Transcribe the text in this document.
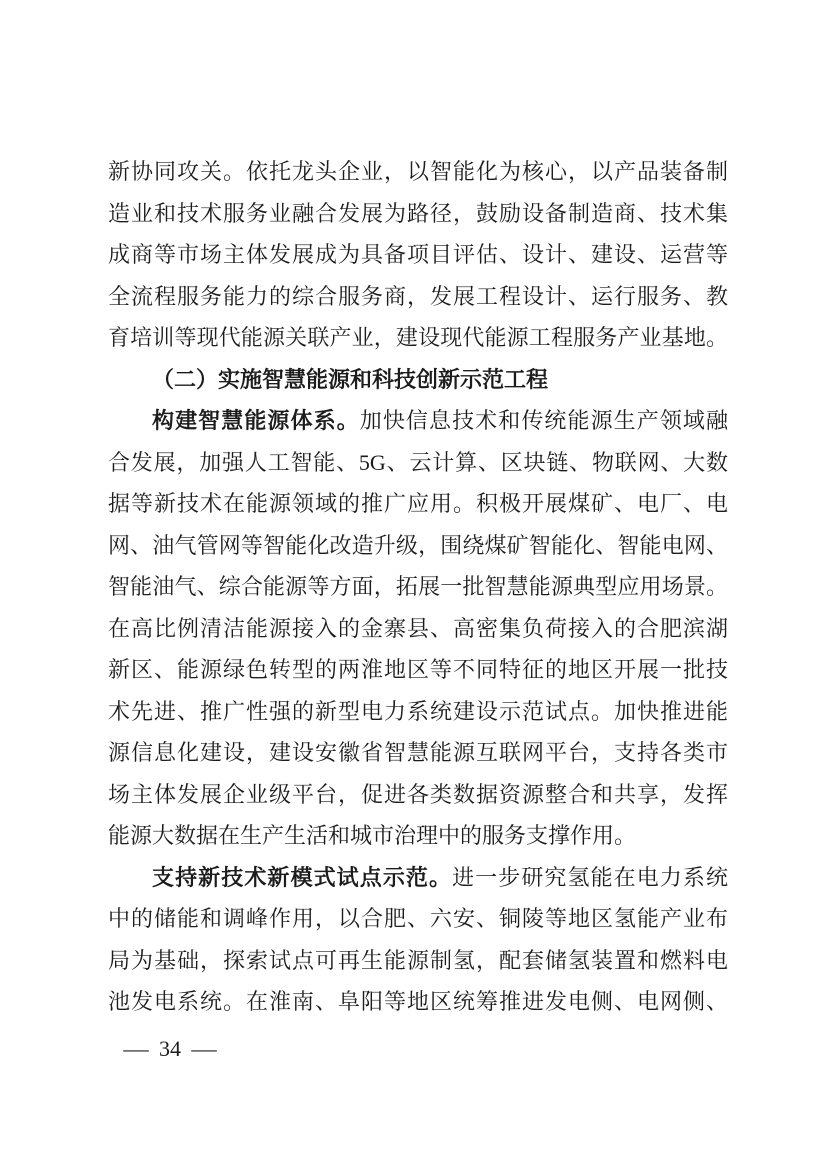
新协同攻关。依托龙头企业，以智能化为核心，以产品装备制
造业和技术服务业融合发展为路径，鼓励设备制造商、技术集
成商等市场主体发展成为具备项目评估、设计、建设、运营等
全流程服务能力的综合服务商，发展工程设计、运行服务、教
育培训等现代能源关联产业，建设现代能源工程服务产业基地。
（二）实施智慧能源和科技创新示范工程
构建智慧能源体系。加快信息技术和传统能源生产领域融
合发展，加强人工智能、5G、云计算、区块链、物联网、大数
据等新技术在能源领域的推广应用。积极开展煤矿、电厂、电
网、油气管网等智能化改造升级，围绕煤矿智能化、智能电网、
智能油气、综合能源等方面，拓展一批智慧能源典型应用场景。
在高比例清洁能源接入的金寨县、高密集负荷接入的合肥滨湖
新区、能源绿色转型的两淮地区等不同特征的地区开展一批技
术先进、推广性强的新型电力系统建设示范试点。加快推进能
源信息化建设，建设安徽省智慧能源互联网平台，支持各类市
场主体发展企业级平台，促进各类数据资源整合和共享，发挥
能源大数据在生产生活和城市治理中的服务支撑作用。
支持新技术新模式试点示范。进一步研究氢能在电力系统
中的储能和调峰作用，以合肥、六安、铜陵等地区氢能产业布
局为基础，探索试点可再生能源制氢，配套储氢装置和燃料电
池发电系统。在淮南、阜阳等地区统筹推进发电侧、电网侧、
— 34 —
